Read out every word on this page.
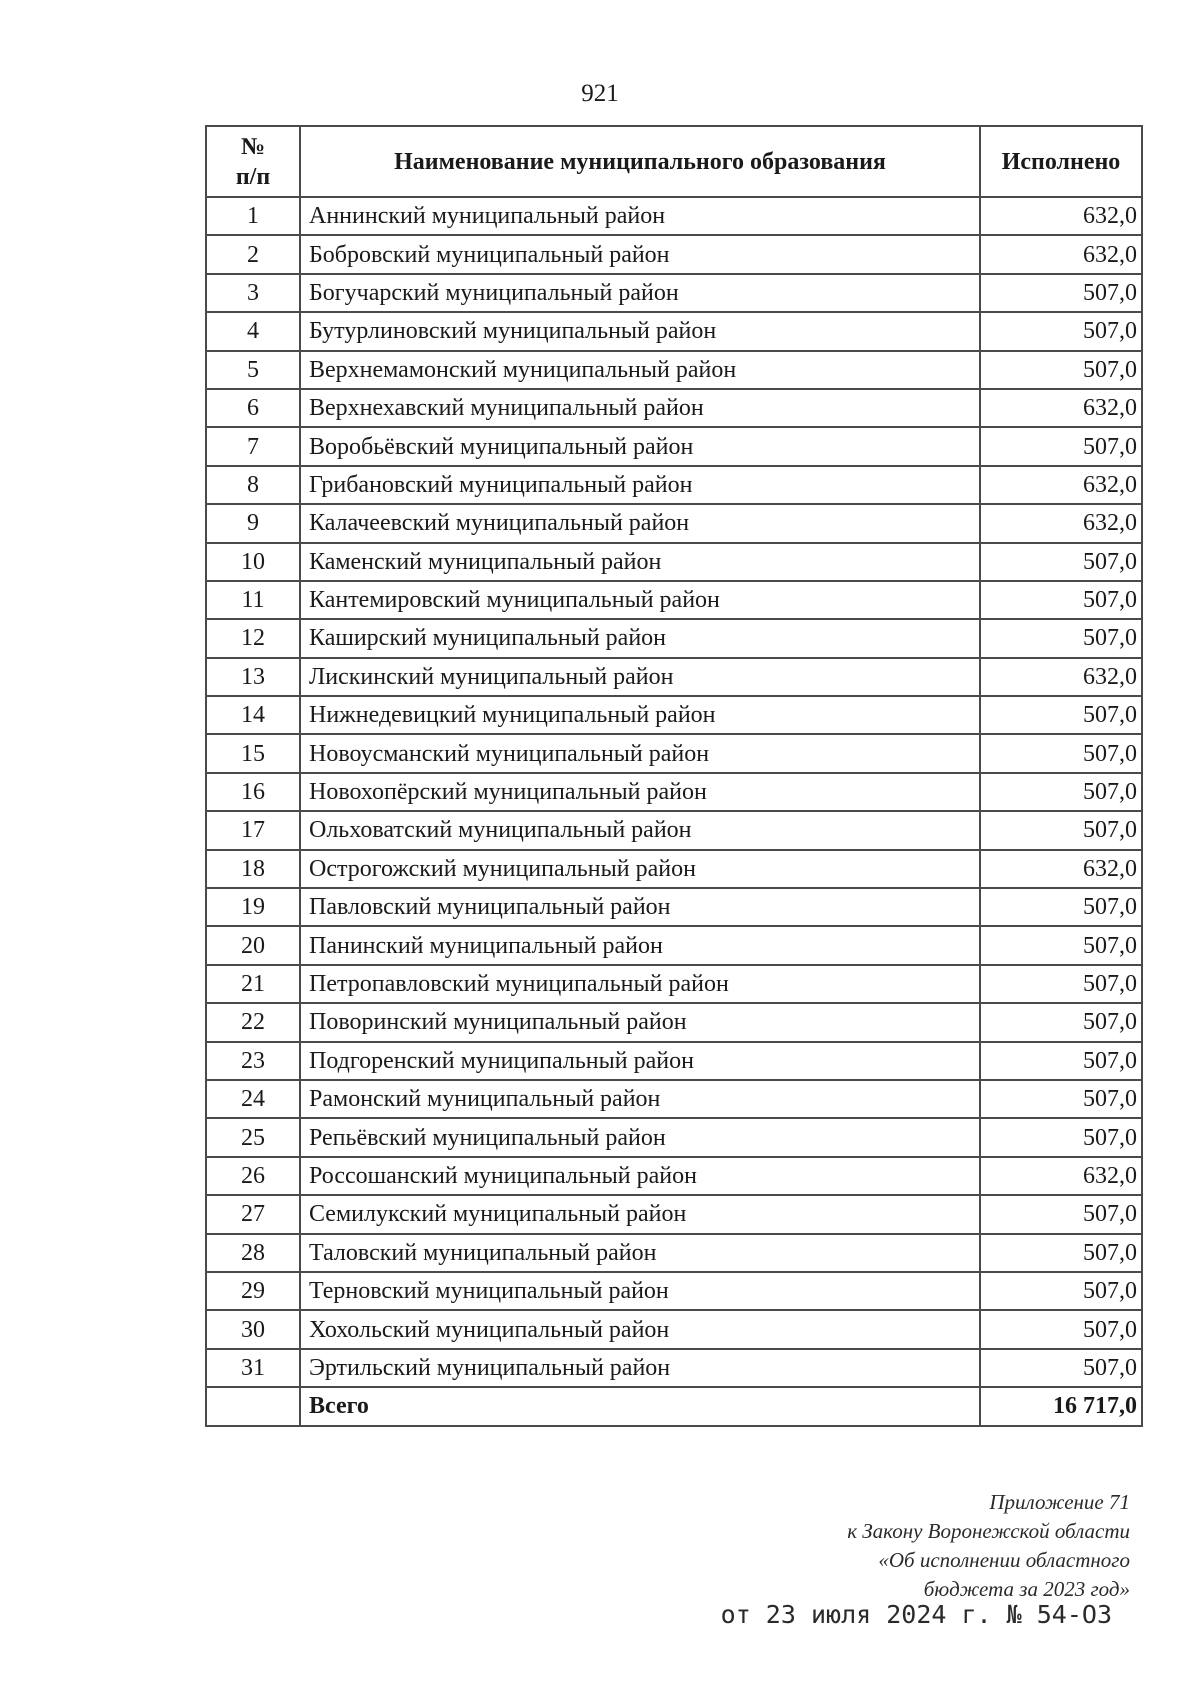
921
№
п/п	Наименование муниципального образования	Исполнено
1	Аннинский муниципальный район	632,0
2	Бобровский муниципальный район	632,0
3	Богучарский муниципальный район	507,0
4	Бутурлиновский муниципальный район	507,0
5	Верхнемамонский муниципальный район	507,0
6	Верхнехавский муниципальный район	632,0
7	Воробьёвский муниципальный район	507,0
8	Грибановский муниципальный район	632,0
9	Калачеевский муниципальный район	632,0
10	Каменский муниципальный район	507,0
11	Кантемировский муниципальный район	507,0
12	Каширский муниципальный район	507,0
13	Лискинский муниципальный район	632,0
14	Нижнедевицкий муниципальный район	507,0
15	Новоусманский муниципальный район	507,0
16	Новохопёрский муниципальный район	507,0
17	Ольховатский муниципальный район	507,0
18	Острогожский муниципальный район	632,0
19	Павловский муниципальный район	507,0
20	Панинский муниципальный район	507,0
21	Петропавловский муниципальный район	507,0
22	Поворинский муниципальный район	507,0
23	Подгоренский муниципальный район	507,0
24	Рамонский муниципальный район	507,0
25	Репьёвский муниципальный район	507,0
26	Россошанский муниципальный район	632,0
27	Семилукский муниципальный район	507,0
28	Таловский муниципальный район	507,0
29	Терновский муниципальный район	507,0
30	Хохольский муниципальный район	507,0
31	Эртильский муниципальный район	507,0
	Всего	16 717,0
Приложение 71
к Закону Воронежской области
«Об исполнении областного
бюджета за 2023 год»
от 23 июля 2024 г. № 54-ОЗ
